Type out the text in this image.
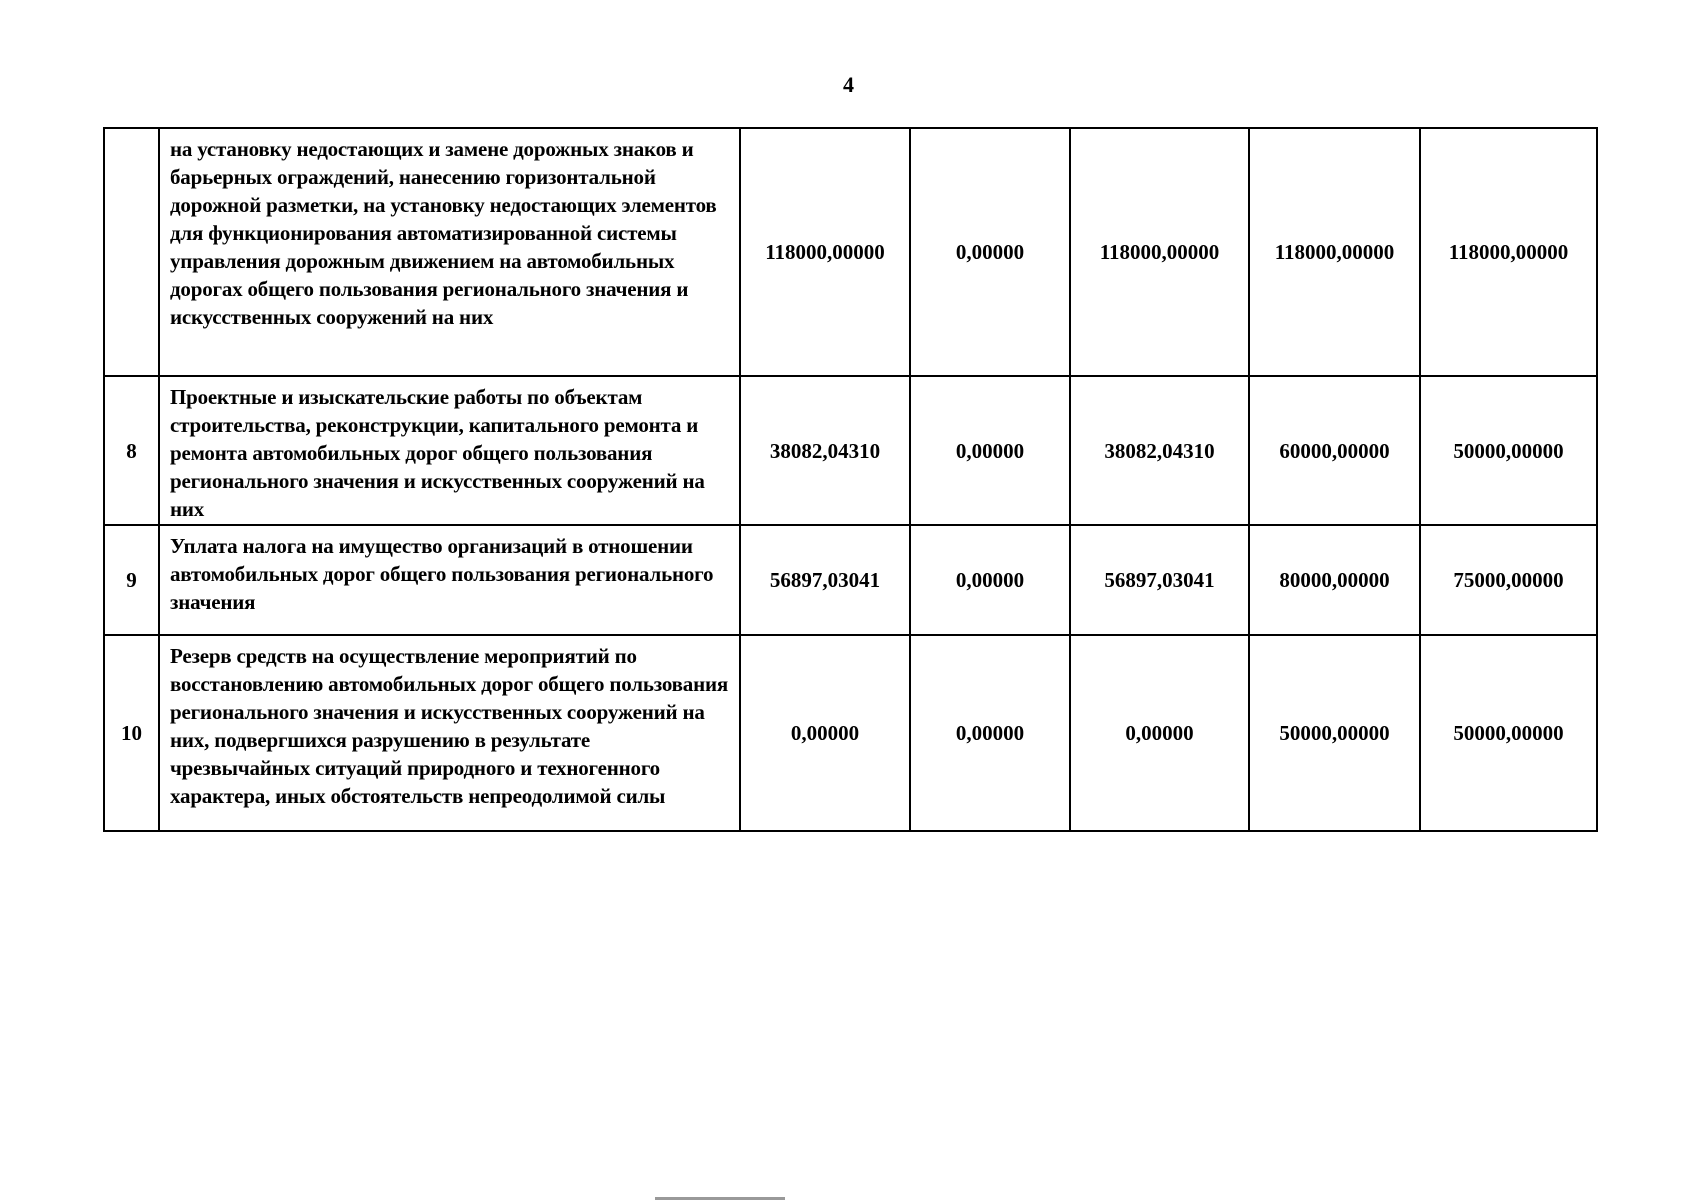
4
	на установку недостающих и замене дорожных знаков и барьерных ограждений, нанесению горизонтальной дорожной разметки, на установку недостающих элементов для функционирования автоматизированной системы управления дорожным движением на автомобильных дорогах общего пользования регионального значения и искусственных сооружений на них	118000,00000	0,00000	118000,00000	118000,00000	118000,00000
8	Проектные и изыскательские работы по объектам строительства, реконструкции, капитального ремонта и ремонта автомобильных дорог общего пользования регионального значения и искусственных сооружений на них	38082,04310	0,00000	38082,04310	60000,00000	50000,00000
9	Уплата налога на имущество организаций в отношении автомобильных дорог общего пользования регионального значения	56897,03041	0,00000	56897,03041	80000,00000	75000,00000
10	Резерв средств на осуществление мероприятий по восстановлению автомобильных дорог общего пользования регионального значения и искусственных сооружений на них, подвергшихся разрушению в результате чрезвычайных ситуаций природного и техногенного характера, иных обстоятельств непреодолимой силы	0,00000	0,00000	0,00000	50000,00000	50000,00000
